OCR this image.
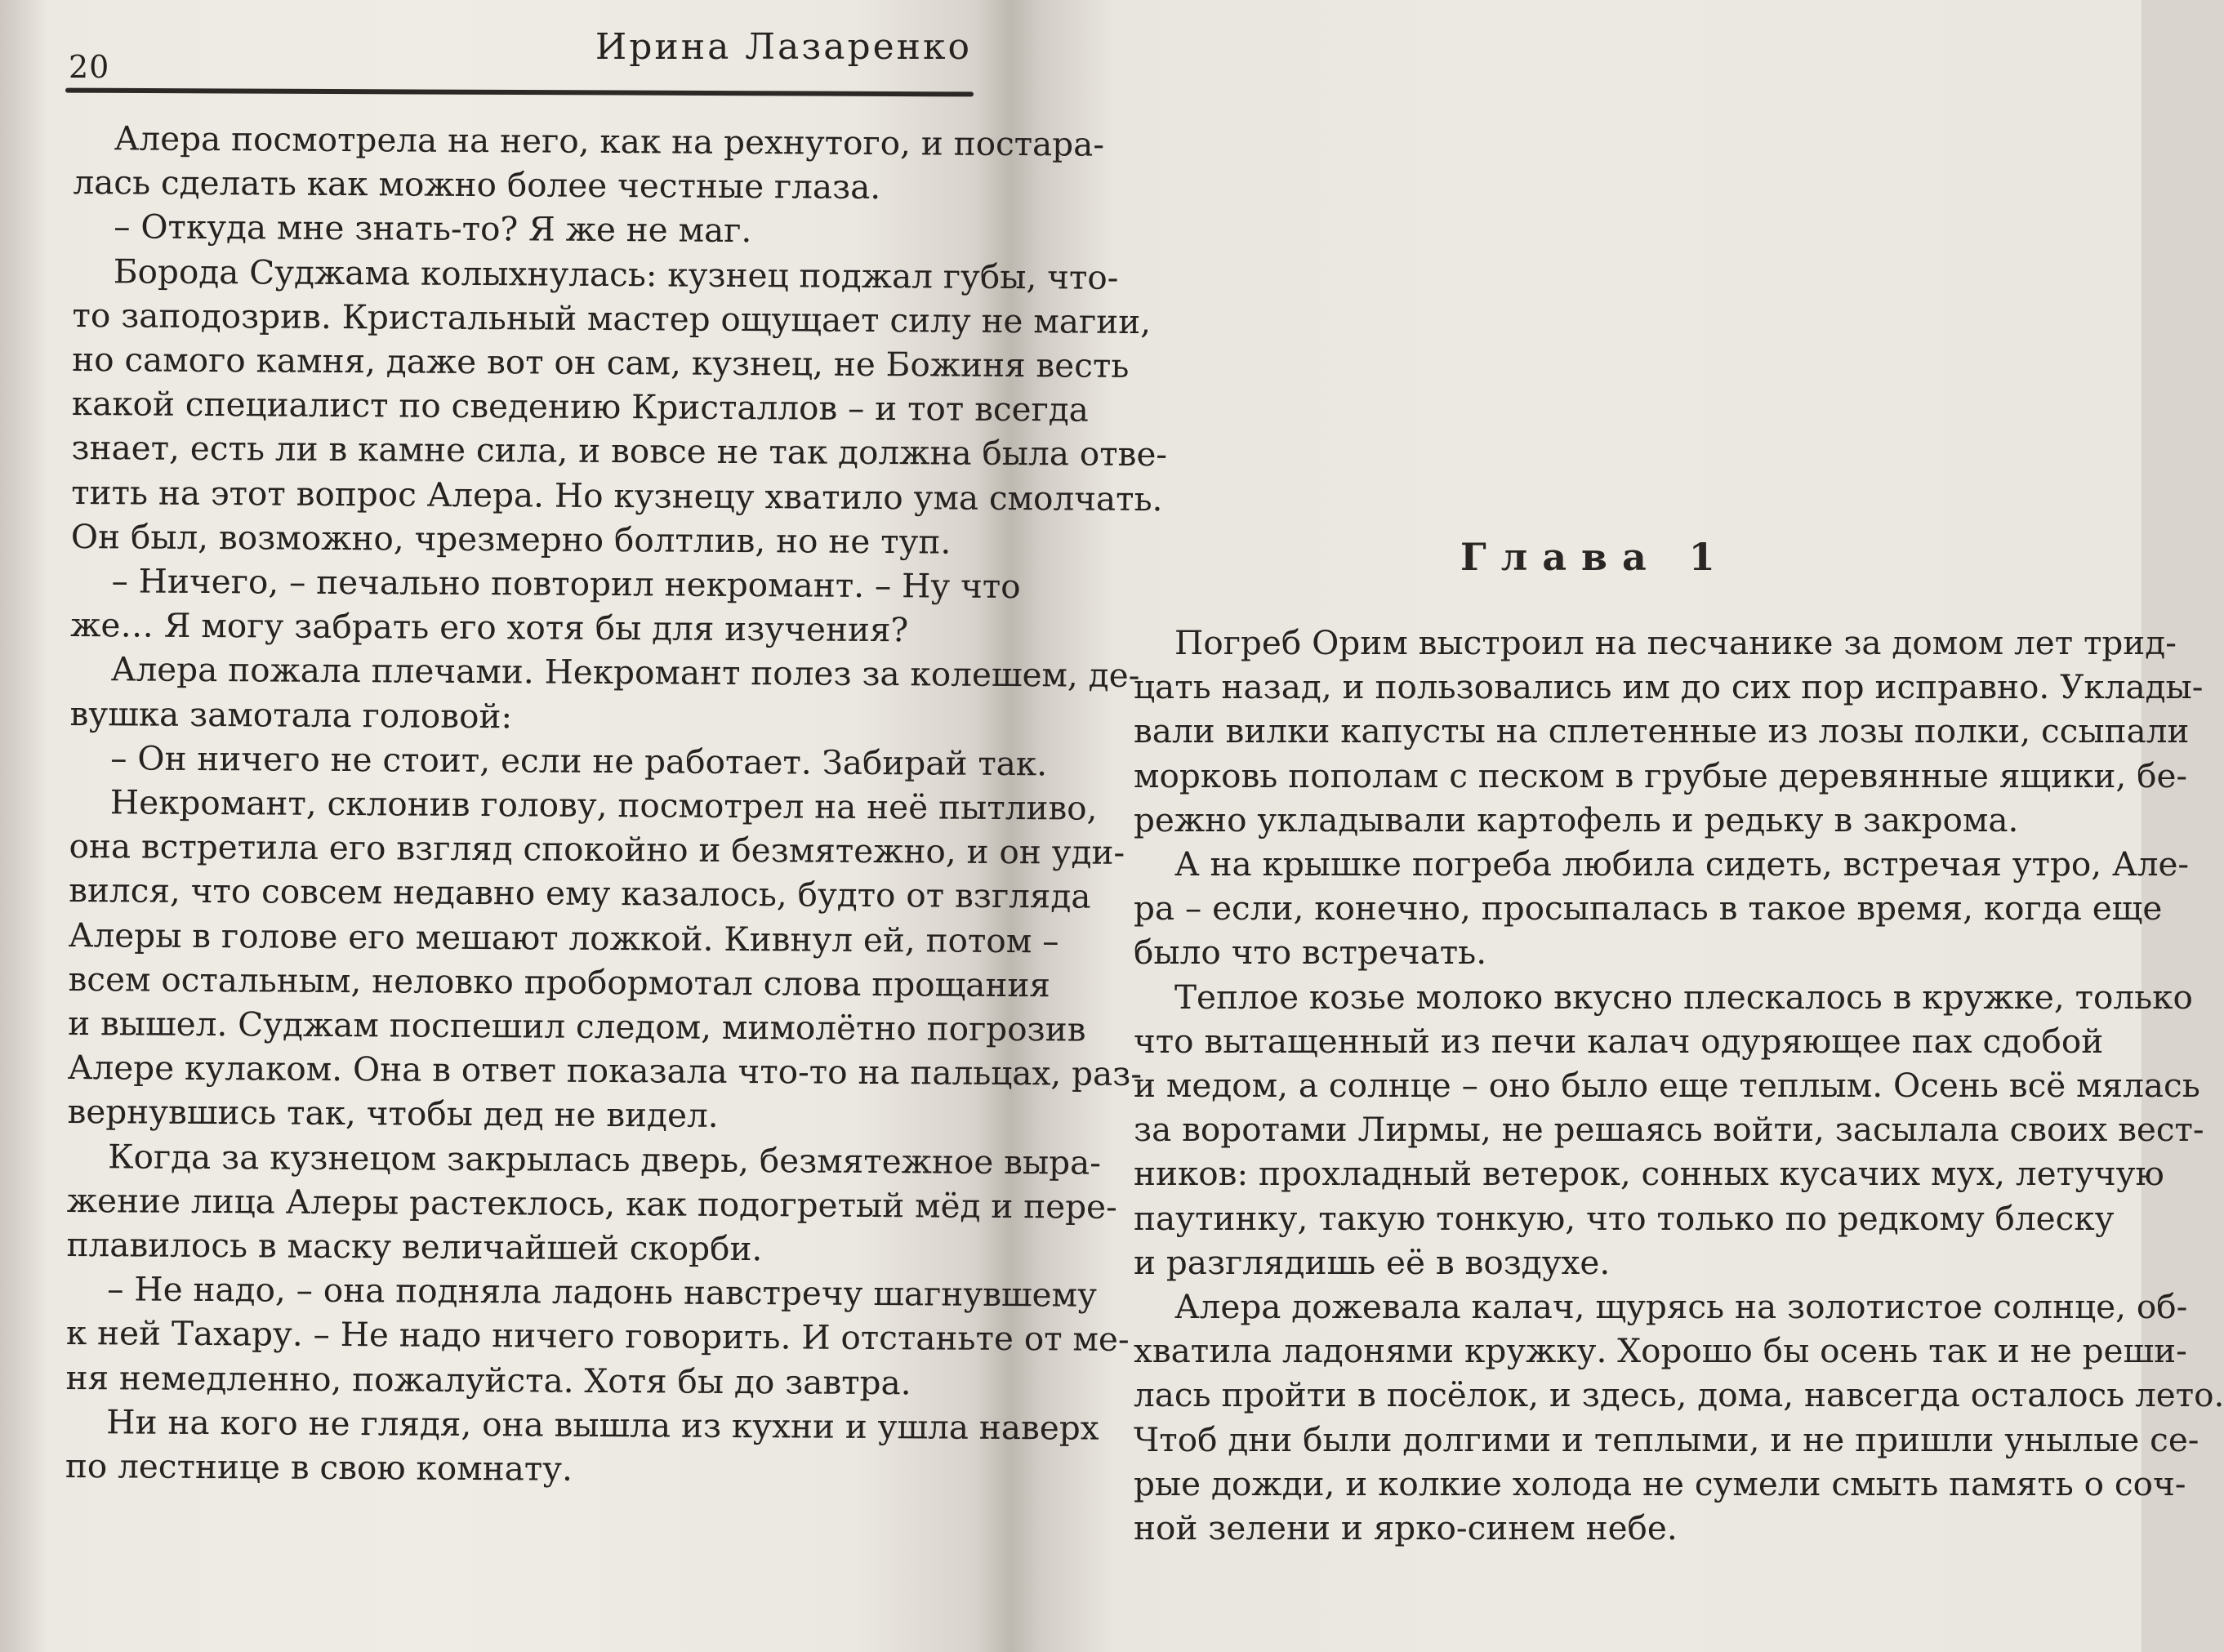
20	Ирина Лазаренко
Алера посмотрела на него, как на рехнутого, и постара-
лась сделать как можно более честные глаза.
– Откуда мне знать-то? Я же не маг.
Борода Суджама колыхнулась: кузнец поджал губы, что-
то заподозрив. Кристальный мастер ощущает силу не магии,
но самого камня, даже вот он сам, кузнец, не Божиня весть
какой специалист по сведению Кристаллов – и тот всегда
знает, есть ли в камне сила, и вовсе не так должна была отве-
тить на этот вопрос Алера. Но кузнецу хватило ума смолчать.
Он был, возможно, чрезмерно болтлив, но не туп.
– Ничего, – печально повторил некромант. – Ну что
же… Я могу забрать его хотя бы для изучения?
Алера пожала плечами. Некромант полез за колешем, де-
вушка замотала головой:
– Он ничего не стоит, если не работает. Забирай так.
Некромант, склонив голову, посмотрел на неё пытливо,
она встретила его взгляд спокойно и безмятежно, и он уди-
вился, что совсем недавно ему казалось, будто от взгляда
Алеры в голове его мешают ложкой. Кивнул ей, потом –
всем остальным, неловко пробормотал слова прощания
и вышел. Суджам поспешил следом, мимолётно погрозив
Алере кулаком. Она в ответ показала что-то на пальцах, раз-
вернувшись так, чтобы дед не видел.
Когда за кузнецом закрылась дверь, безмятежное выра-
жение лица Алеры растеклось, как подогретый мёд и пере-
плавилось в маску величайшей скорби.
– Не надо, – она подняла ладонь навстречу шагнувшему
к ней Тахару. – Не надо ничего говорить. И отстаньте от ме-
ня немедленно, пожалуйста. Хотя бы до завтра.
Ни на кого не глядя, она вышла из кухни и ушла наверх
по лестнице в свою комнату.
Глава 1
Погреб Орим выстроил на песчанике за домом лет трид-
цать назад, и пользовались им до сих пор исправно. Уклады-
вали вилки капусты на сплетенные из лозы полки, ссыпали
морковь пополам с песком в грубые деревянные ящики, бе-
режно укладывали картофель и редьку в закрома.
А на крышке погреба любила сидеть, встречая утро, Але-
ра – если, конечно, просыпалась в такое время, когда еще
было что встречать.
Теплое козье молоко вкусно плескалось в кружке, только
что вытащенный из печи калач одуряющее пах сдобой
и медом, а солнце – оно было еще теплым. Осень всё мялась
за воротами Лирмы, не решаясь войти, засылала своих вест-
ников: прохладный ветерок, сонных кусачих мух, летучую
паутинку, такую тонкую, что только по редкому блеску
и разглядишь её в воздухе.
Алера дожевала калач, щурясь на золотистое солнце, об-
хватила ладонями кружку. Хорошо бы осень так и не реши-
лась пройти в посёлок, и здесь, дома, навсегда осталось лето.
Чтоб дни были долгими и теплыми, и не пришли унылые се-
рые дожди, и колкие холода не сумели смыть память о соч-
ной зелени и ярко-синем небе.
